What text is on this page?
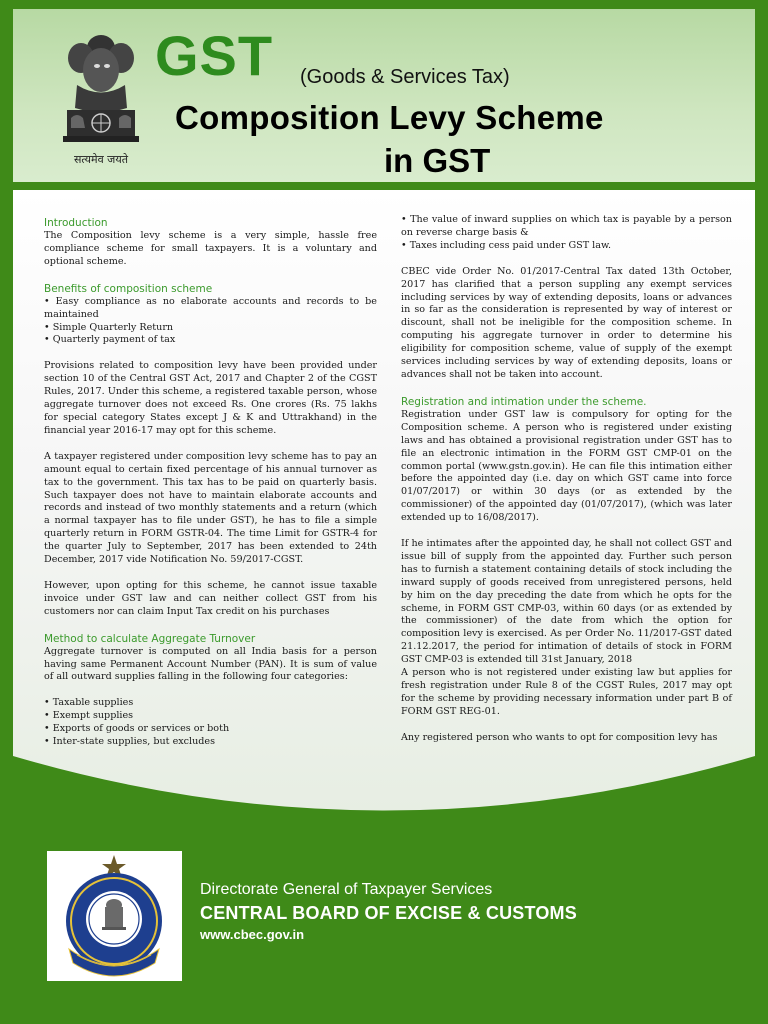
सत्यमेव जयते
GST (Goods & Services Tax)
Composition Levy Scheme
in GST
Introduction

The Composition levy scheme is a very simple, hassle free compliance scheme for small taxpayers. It is a voluntary and optional scheme.

Benefits of composition scheme
• Easy compliance as no elaborate accounts and records to be maintained
• Simple Quarterly Return
• Quarterly payment of tax

Provisions related to composition levy have been provided under section 10 of the Central GST Act, 2017 and Chapter 2 of the CGST Rules, 2017. Under this scheme, a registered taxable person, whose aggregate turnover does not exceed Rs. One crores (Rs. 75 lakhs for special category States except J & K and Uttrakhand) in the financial year 2016-17 may opt for this scheme.

A taxpayer registered under composition levy scheme has to pay an amount equal to certain fixed percentage of his annual turnover as tax to the government. This tax has to be paid on quarterly basis. Such taxpayer does not have to maintain elaborate accounts and records and instead of two monthly statements and a return (which a normal taxpayer has to file under GST), he has to file a simple quarterly return in FORM GSTR-04. The time Limit for GSTR-4 for the quarter July to September, 2017 has been extended to 24th December, 2017 vide Notification No. 59/2017-CGST.

However, upon opting for this scheme, he cannot issue taxable invoice under GST law and can neither collect GST from his customers nor can claim Input Tax credit on his purchases

Method to calculate Aggregate Turnover

Aggregate turnover is computed on all India basis for a person having same Permanent Account Number (PAN). It is sum of value of all outward supplies falling in the following four categories:

• Taxable supplies
• Exempt supplies
• Exports of goods or services or both
• Inter-state supplies, but excludes
• The value of inward supplies on which tax is payable by a person on reverse charge basis &
• Taxes including cess paid under GST law.

CBEC vide Order No. 01/2017-Central Tax dated 13th October, 2017 has clarified that a person suppling any exempt services including services by way of extending deposits, loans or advances in so far as the consideration is represented by way of interest or discount, shall not be ineligible for the composition scheme. In computing his aggregate turnover in order to determine his eligibility for composition scheme, value of supply of the exempt services including services by way of extending deposits, loans or advances shall not be taken into account.

Registration and intimation under the scheme.

Registration under GST law is compulsory for opting for the Composition scheme. A person who is registered under existing laws and has obtained a provisional registration under GST has to file an electronic intimation in the FORM GST CMP-01 on the common portal (www.gstn.gov.in). He can file this intimation either before the appointed day (i.e. day on which GST came into force 01/07/2017) or within 30 days (or as extended by the commissioner) of the appointed day (01/07/2017), (which was later extended up to 16/08/2017).

If he intimates after the appointed day, he shall not collect GST and issue bill of supply from the appointed day. Further such person has to furnish a statement containing details of stock including the inward supply of goods received from unregistered persons, held by him on the day preceding the date from which he opts for the scheme, in FORM GST CMP-03, within 60 days (or as extended by the commissioner) of the date from which the option for composition levy is exercised. As per Order No. 11/2017-GST dated 21.12.2017, the period for intimation of details of stock in FORM GST CMP-03 is extended till 31st January, 2018

A person who is not registered under existing law but applies for fresh registration under Rule 8 of the CGST Rules, 2017 may opt for the scheme by providing necessary information under part B of FORM GST REG-01.

Any registered person who wants to opt for composition levy has

Directorate General of Taxpayer Services
CENTRAL BOARD OF EXCISE & CUSTOMS
www.cbec.gov.in
